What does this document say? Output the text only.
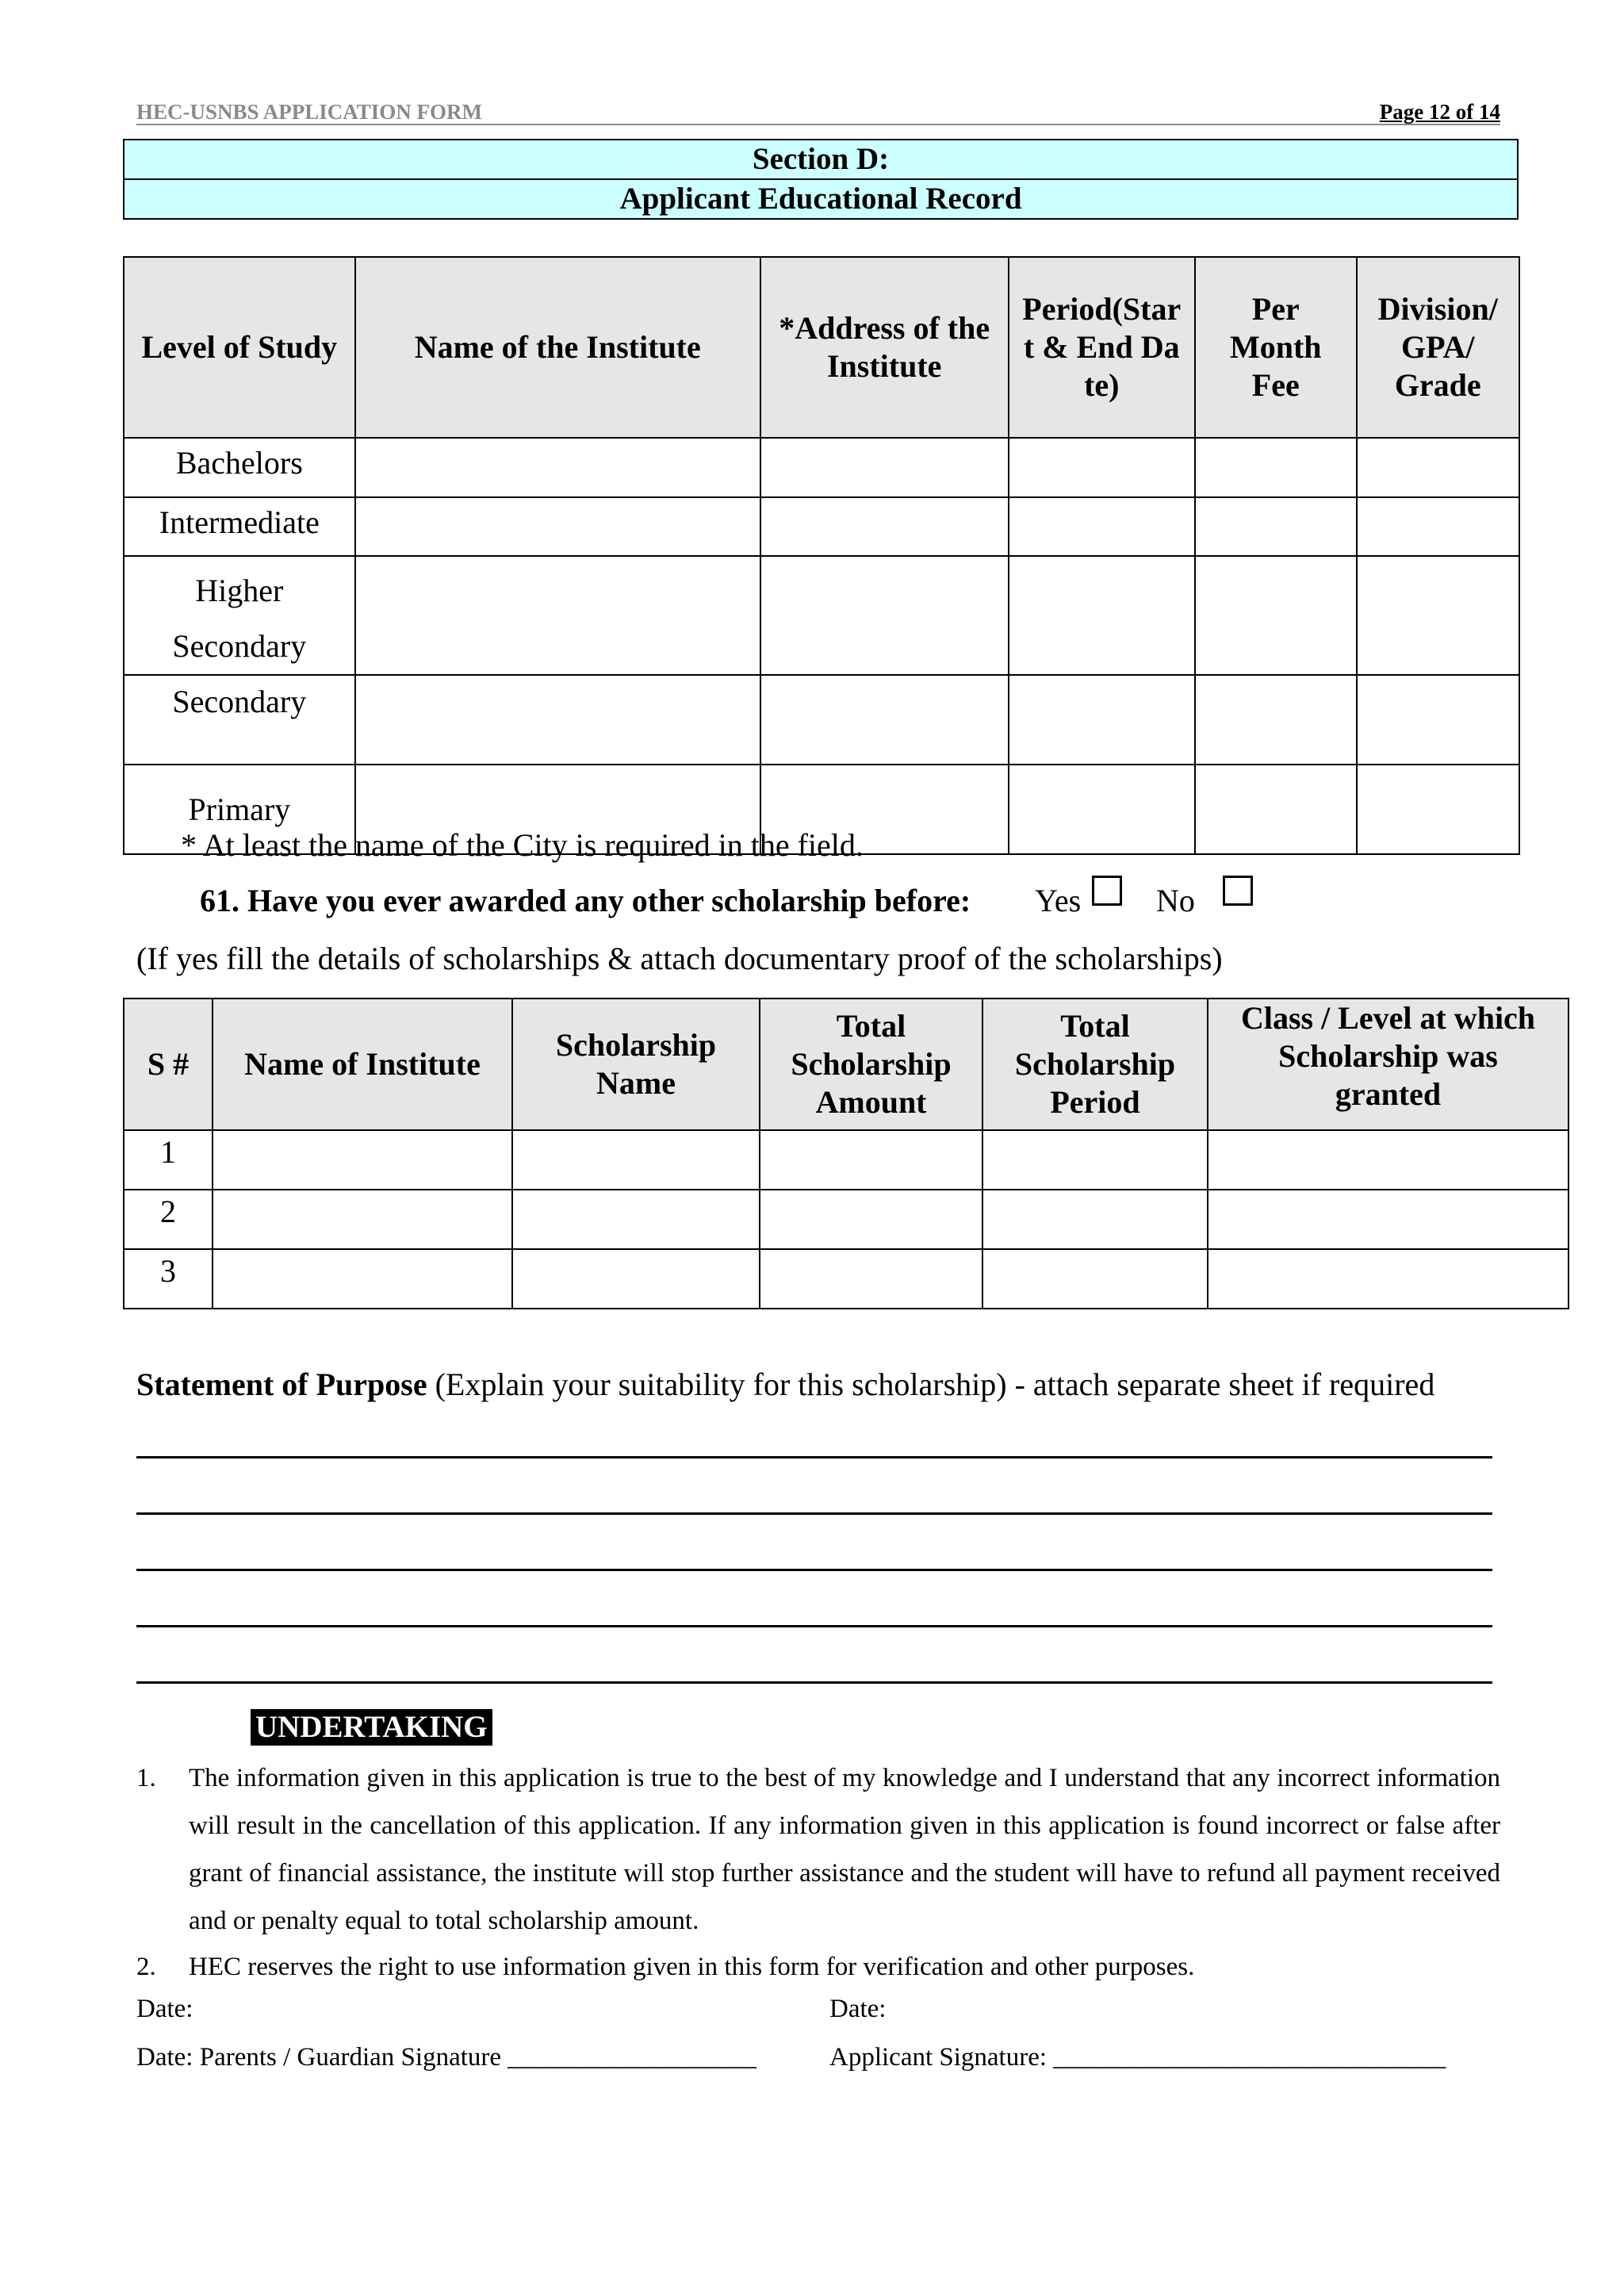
HEC-USNBS APPLICATION FORM	Page 12 of 14
Section D:
Applicant Educational Record
Level of Study	Name of the Institute	*Address of the Institute	Period(Start & End Date)	Per Month Fee	Division/ GPA/ Grade
Bachelors					
Intermediate					
Higher Secondary					
Secondary					
Primary					
* At least the name of the City is required in the field.
61. Have you ever awarded any other scholarship before: Yes No
(If yes fill the details of scholarships & attach documentary proof of the scholarships)
S #	Name of Institute	Scholarship Name	Total Scholarship Amount	Total Scholarship Period	Class / Level at which Scholarship was granted
1					
2					
3					
Statement of Purpose (Explain your suitability for this scholarship) - attach separate sheet if required
UNDERTAKING
1. The information given in this application is true to the best of my knowledge and I understand that any incorrect information will result in the cancellation of this application. If any information given in this application is found incorrect or false after grant of financial assistance, the institute will stop further assistance and the student will have to refund all payment received and or penalty equal to total scholarship amount.
2. HEC reserves the right to use information given in this form for verification and other purposes.
Date:	Date:
Date: Parents / Guardian Signature ___________________	Applicant Signature: ______________________________
